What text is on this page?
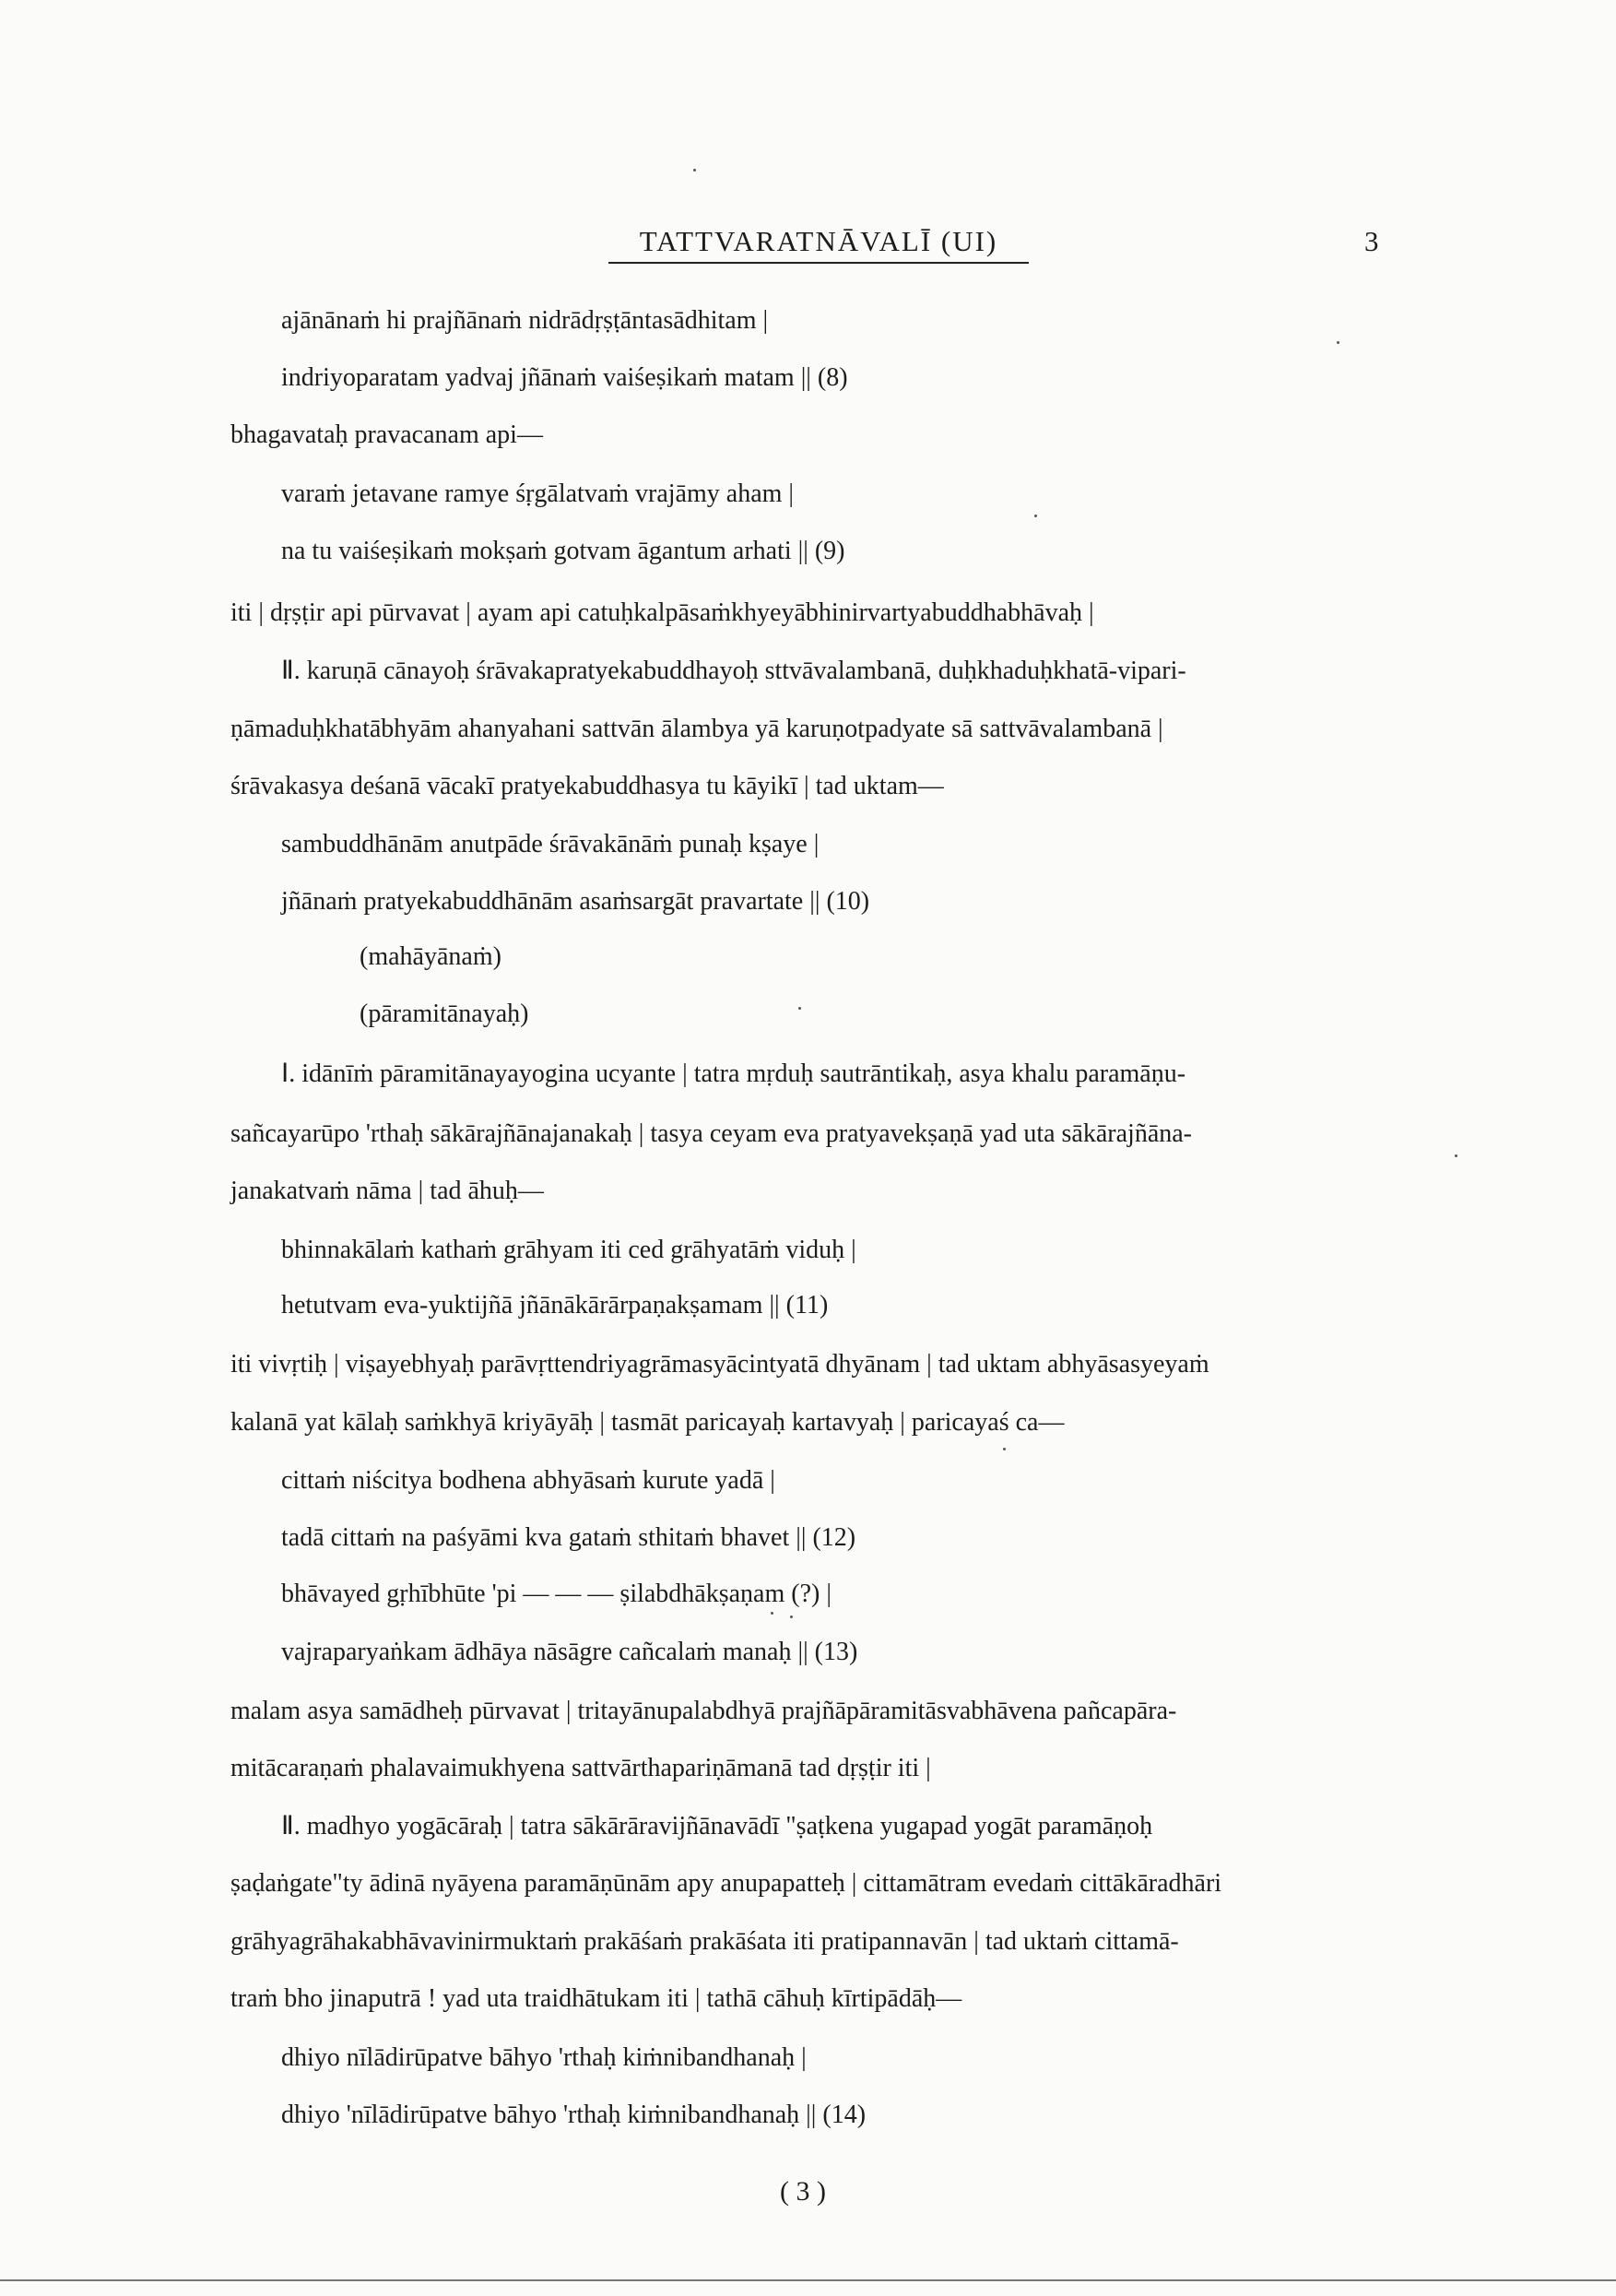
TATTVARATNĀVALĪ (UI)	3
ajānānaṁ hi prajñānaṁ nidrādṛṣṭāntasādhitam |
indriyoparatam yadvaj jñānaṁ vaiśeṣikaṁ matam || (8)
bhagavataḥ pravacanam api—
varaṁ jetavane ramye śṛgālatvaṁ vrajāmy aham |
na tu vaiśeṣikaṁ mokṣaṁ gotvam āgantum arhati || (9)
iti | dṛṣṭir api pūrvavat | ayam api catuḥkalpāsaṁkhyeyābhinirvartyabuddhabhāvaḥ |
Ⅱ. karuṇā cānayoḥ śrāvakapratyekabuddhayoḥ sttvāvalambanā, duḥkhaduḥkhatā-vipari-
ṇāmaduḥkhatābhyām ahanyahani sattvān ālambya yā karuṇotpadyate sā sattvāvalambanā |
śrāvakasya deśanā vācakī pratyekabuddhasya tu kāyikī | tad uktam—
sambuddhānām anutpāde śrāvakānāṁ punaḥ kṣaye |
jñānaṁ pratyekabuddhānām asaṁsargāt pravartate || (10)
(mahāyānaṁ)
(pāramitānayaḥ)
Ⅰ. idānīṁ pāramitānayayogina ucyante | tatra mṛduḥ sautrāntikaḥ, asya khalu paramāṇu-
sañcayarūpo 'rthaḥ sākārajñānajanakaḥ | tasya ceyam eva pratyavekṣaṇā yad uta sākārajñāna-
janakatvaṁ nāma | tad āhuḥ—
bhinnakālaṁ kathaṁ grāhyam iti ced grāhyatāṁ viduḥ |
hetutvam eva-yuktijñā jñānākārārpaṇakṣamam || (11)
iti vivṛtiḥ | viṣayebhyaḥ parāvṛttendriyagrāmasyācintyatā dhyānam | tad uktam abhyāsasyeyaṁ
kalanā yat kālaḥ saṁkhyā kriyāyāḥ | tasmāt paricayaḥ kartavyaḥ | paricayaś ca—
cittaṁ niścitya bodhena abhyāsaṁ kurute yadā |
tadā cittaṁ na paśyāmi kva gataṁ sthitaṁ bhavet || (12)
bhāvayed gṛhībhūte 'pi — — — ṣilabdhākṣaṇam (?) |
vajraparyaṅkam ādhāya nāsāgre cañcalaṁ manaḥ || (13)
malam asya samādheḥ pūrvavat | tritayānupalabdhyā prajñāpāramitāsvabhāvena pañcapāra-
mitācaraṇaṁ phalavaimukhyena sattvārthapariṇāmanā tad dṛṣṭir iti |
Ⅱ. madhyo yogācāraḥ | tatra sākārāravijñānavādī "ṣaṭkena yugapad yogāt paramāṇoḥ
ṣaḍaṅgate"ty ādinā nyāyena paramāṇūnām apy anupapatteḥ | cittamātram evedaṁ cittākāradhāri
grāhyagrāhakabhāvavinirmuktaṁ prakāśaṁ prakāśata iti pratipannavān | tad uktaṁ cittamā-
traṁ bho jinaputrā ! yad uta traidhātukam iti | tathā cāhuḥ kīrtipādāḥ—
dhiyo nīlādirūpatve bāhyo 'rthaḥ kiṁnibandhanaḥ |
dhiyo 'nīlādirūpatve bāhyo 'rthaḥ kiṁnibandhanaḥ || (14)
( 3 )
